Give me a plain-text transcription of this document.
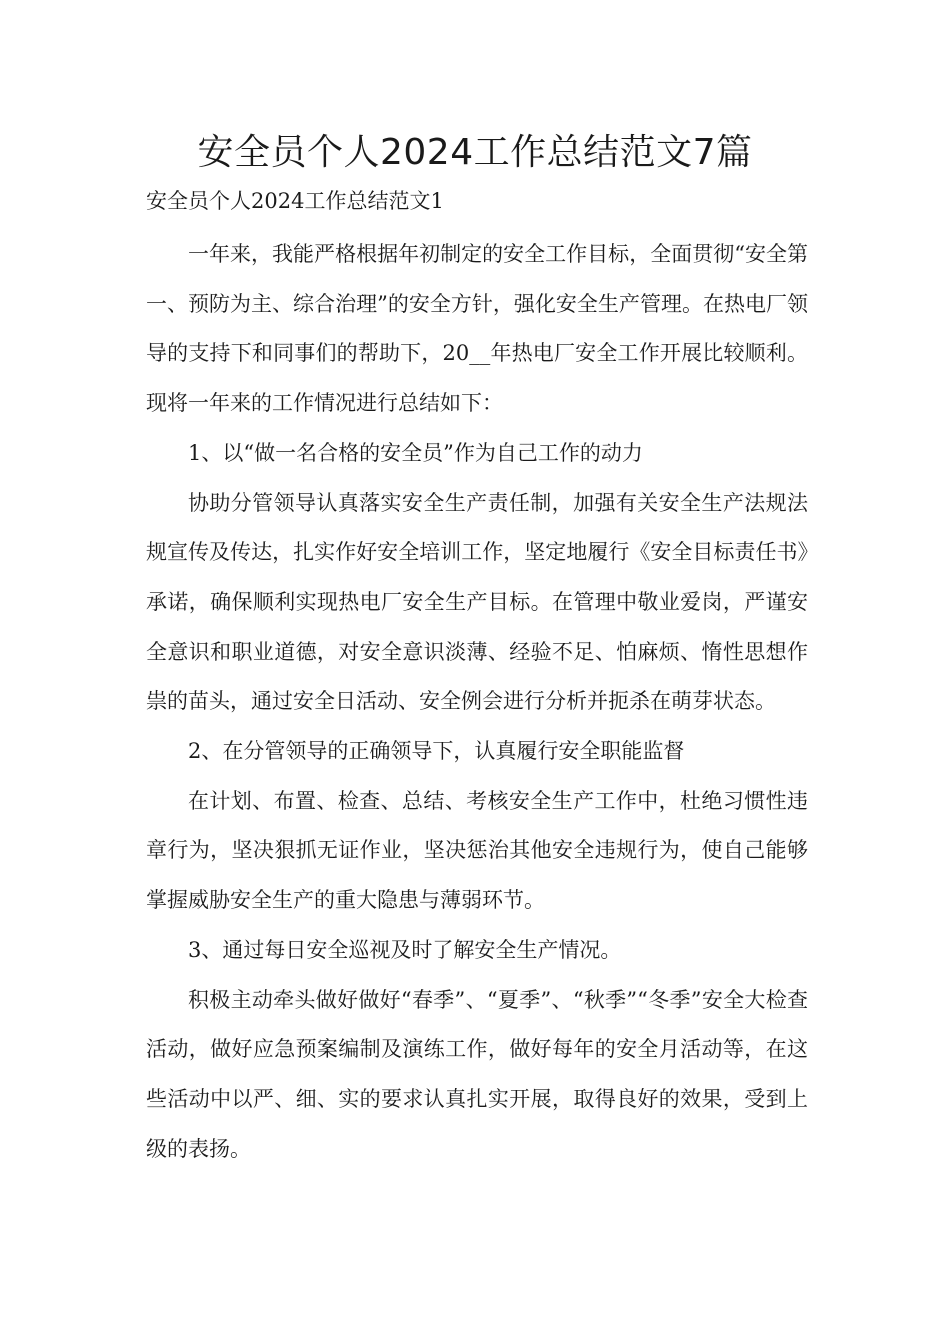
安全员个人2024工作总结范文7篇

安全员个人2024工作总结范文1

一年来，我能严格根据年初制定的安全工作目标，全面贯彻“安全第一、预防为主、综合治理”的安全方针，强化安全生产管理。在热电厂领导的支持下和同事们的帮助下，20__年热电厂安全工作开展比较顺利。现将一年来的工作情况进行总结如下：

1、以“做一名合格的安全员”作为自己工作的动力

协助分管领导认真落实安全生产责任制，加强有关安全生产法规法规宣传及传达，扎实作好安全培训工作，坚定地履行《安全目标责任书》承诺，确保顺利实现热电厂安全生产目标。在管理中敬业爱岗，严谨安全意识和职业道德，对安全意识淡薄、经验不足、怕麻烦、惰性思想作祟的苗头，通过安全日活动、安全例会进行分析并扼杀在萌芽状态。

2、在分管领导的正确领导下，认真履行安全职能监督

在计划、布置、检查、总结、考核安全生产工作中，杜绝习惯性违章行为，坚决狠抓无证作业，坚决惩治其他安全违规行为，使自己能够掌握威胁安全生产的重大隐患与薄弱环节。

3、通过每日安全巡视及时了解安全生产情况。

积极主动牵头做好做好“春季”、“夏季”、“秋季”“冬季”安全大检查活动，做好应急预案编制及演练工作，做好每年的安全月活动等，在这些活动中以严、细、实的要求认真扎实开展，取得良好的效果，受到上级的表扬。
